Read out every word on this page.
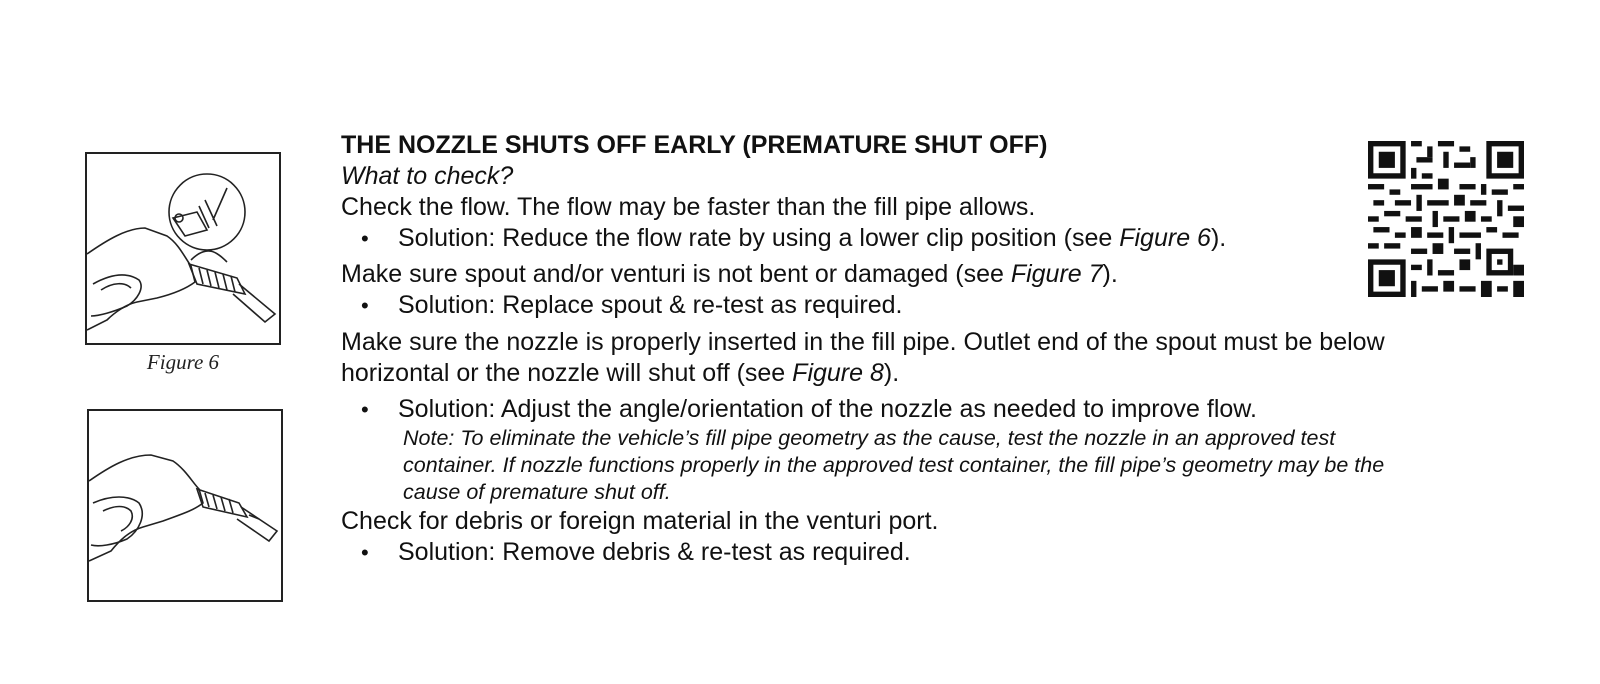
Figure 6

THE NOZZLE SHUTS OFF EARLY (PREMATURE SHUT OFF)

What to check?

Check the flow. The flow may be faster than the fill pipe allows.

• Solution: Reduce the flow rate by using a lower clip position (see Figure 6).

Make sure spout and/or venturi is not bent or damaged (see Figure 7).

• Solution: Replace spout & re-test as required.

Make sure the nozzle is properly inserted in the fill pipe. Outlet end of the spout must be below

horizontal or the nozzle will shut off (see Figure 8).

• Solution: Adjust the angle/orientation of the nozzle as needed to improve flow.

Note: To eliminate the vehicle’s fill pipe geometry as the cause, test the nozzle in an approved test
container. If nozzle functions properly in the approved test container, the fill pipe’s geometry may be the
cause of premature shut off.

Check for debris or foreign material in the venturi port.

• Solution: Remove debris & re-test as required.
